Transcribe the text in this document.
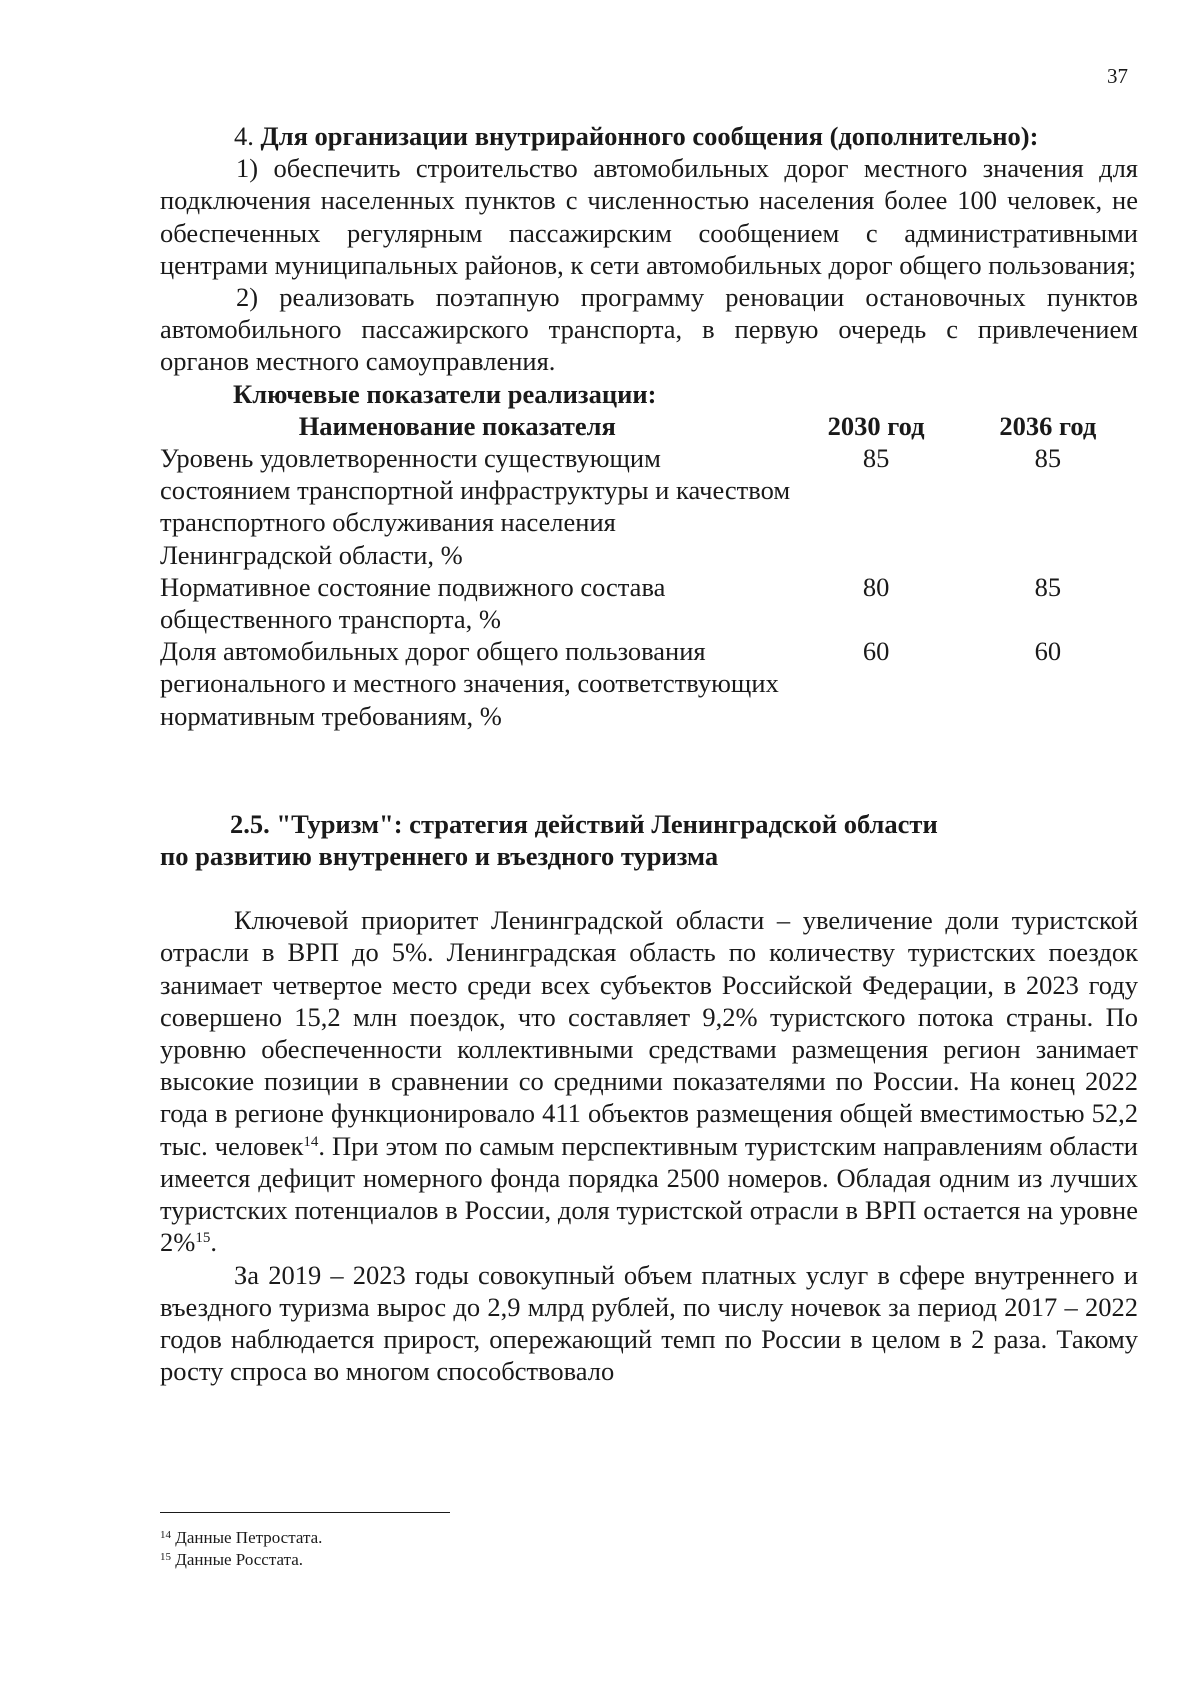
37

4. Для организации внутрирайонного сообщения (дополнительно):

1) обеспечить строительство автомобильных дорог местного значения для подключения населенных пунктов с численностью населения более 100 человек, не обеспеченных регулярным пассажирским сообщением с административными центрами муниципальных районов, к сети автомобильных дорог общего пользования;

2) реализовать поэтапную программу реновации остановочных пунктов автомобильного пассажирского транспорта, в первую очередь с привлечением органов местного самоуправления.

Ключевые показатели реализации:

Наименование показателя	2030 год	2036 год
Уровень удовлетворенности существующим состоянием транспортной инфраструктуры и качеством транспортного обслуживания населения Ленинградской области, %	85	85
Нормативное состояние подвижного состава общественного транспорта, %	80	85
Доля автомобильных дорог общего пользования регионального и местного значения, соответствующих нормативным требованиям, %	60	60
2.5. "Туризм": стратегия действий Ленинградской области
по развитию внутреннего и въездного туризма

Ключевой приоритет Ленинградской области – увеличение доли туристской отрасли в ВРП до 5%. Ленинградская область по количеству туристских поездок занимает четвертое место среди всех субъектов Российской Федерации, в 2023 году совершено 15,2 млн поездок, что составляет 9,2% туристского потока страны. По уровню обеспеченности коллективными средствами размещения регион занимает высокие позиции в сравнении со средними показателями по России. На конец 2022 года в регионе функционировало 411 объектов размещения общей вместимостью 52,2 тыс. человек$^{14}$. При этом по самым перспективным туристским направлениям области имеется дефицит номерного фонда порядка 2500 номеров. Обладая одним из лучших туристских потенциалов в России, доля туристской отрасли в ВРП остается на уровне 2%$^{15}$.

За 2019 – 2023 годы совокупный объем платных услуг в сфере внутреннего и въездного туризма вырос до 2,9 млрд рублей, по числу ночевок за период 2017 – 2022 годов наблюдается прирост, опережающий темп по России в целом в 2 раза. Такому росту спроса во многом способствовало

$^{14}$ Данные Петростата.
$^{15}$ Данные Росстата.
